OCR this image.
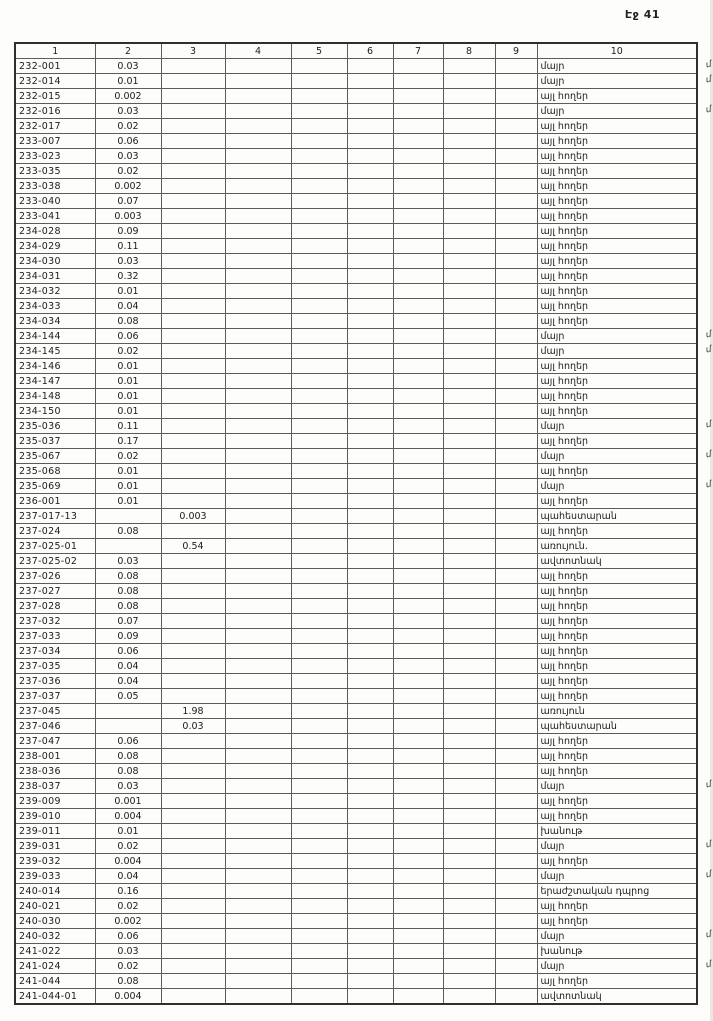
Էջ 41
1	2	3	4	5	6	7	8	9	10
232-001	0.03								մայր մ

232-014	0.01								մայր մ

232-015	0.002								այլ հողեր
232-016	0.03								մայր մ

232-017	0.02								այլ հողեր
233-007	0.06								այլ հողեր
233-023	0.03								այլ հողեր
233-035	0.02								այլ հողեր
233-038	0.002								այլ հողեր
233-040	0.07								այլ հողեր
233-041	0.003								այլ հողեր
234-028	0.09								այլ հողեր
234-029	0.11								այլ հողեր
234-030	0.03								այլ հողեր
234-031	0.32								այլ հողեր
234-032	0.01								այլ հողեր
234-033	0.04								այլ հողեր
234-034	0.08								այլ հողեր
234-144	0.06								մայր մ

234-145	0.02								մայր մ

234-146	0.01								այլ հողեր
234-147	0.01								այլ հողեր
234-148	0.01								այլ հողեր
234-150	0.01								այլ հողեր
235-036	0.11								մայր մ

235-037	0.17								այլ հողեր
235-067	0.02								մայր մ

235-068	0.01								այլ հողեր
235-069	0.01								մայր մ

236-001	0.01								այլ հողեր
237-017-13		0.003							պահեստարան
237-024	0.08								այլ հողեր
237-025-01		0.54							առույուն.
237-025-02	0.03								ավտոտնակ
237-026	0.08								այլ հողեր
237-027	0.08								այլ հողեր
237-028	0.08								այլ հողեր
237-032	0.07								այլ հողեր
237-033	0.09								այլ հողեր
237-034	0.06								այլ հողեր
237-035	0.04								այլ հողեր
237-036	0.04								այլ հողեր
237-037	0.05								այլ հողեր
237-045		1.98							առույուն
237-046		0.03							պահեստարան
237-047	0.06								այլ հողեր
238-001	0.08								այլ հողեր
238-036	0.08								այլ հողեր
238-037	0.03								մայր մ

239-009	0.001								այլ հողեր
239-010	0.004								այլ հողեր
239-011	0.01								խանութ
239-031	0.02								մայր մ

239-032	0.004								այլ հողեր
239-033	0.04								մայր մ

240-014	0.16								երաժշտական դպրոց
240-021	0.02								այլ հողեր
240-030	0.002								այլ հողեր
240-032	0.06								մայր մ

241-022	0.03								խանութ
241-024	0.02								մայր մ

241-044	0.08								այլ հողեր
241-044-01	0.004								ավտոտնակ
